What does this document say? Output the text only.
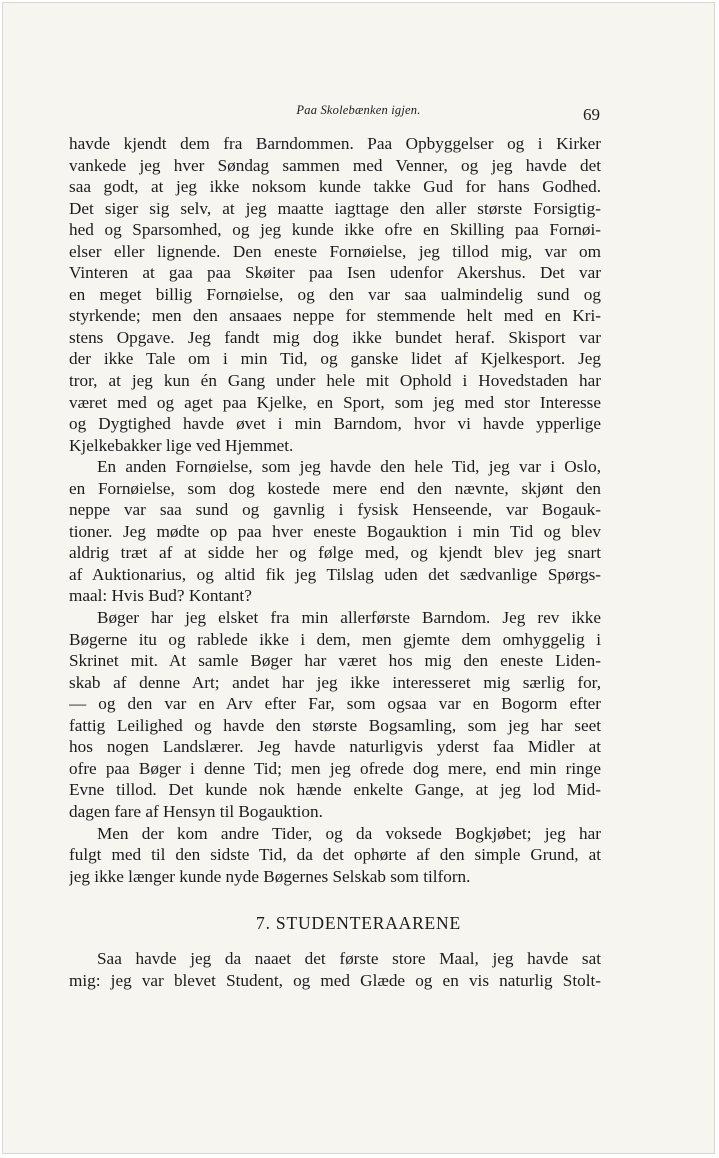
Paa Skolebænken igjen.	69
havde kjendt dem fra Barndommen. Paa Opbyggelser og i Kirker
vankede jeg hver Søndag sammen med Venner, og jeg havde det
saa godt, at jeg ikke noksom kunde takke Gud for hans Godhed.
Det siger sig selv, at jeg maatte iagttage den aller største Forsigtig-
hed og Sparsomhed, og jeg kunde ikke ofre en Skilling paa Fornøi-
elser eller lignende. Den eneste Fornøielse, jeg tillod mig, var om
Vinteren at gaa paa Skøiter paa Isen udenfor Akershus. Det var
en meget billig Fornøielse, og den var saa ualmindelig sund og
styrkende; men den ansaaes neppe for stemmende helt med en Kri-
stens Opgave. Jeg fandt mig dog ikke bundet heraf. Skisport var
der ikke Tale om i min Tid, og ganske lidet af Kjelkesport. Jeg
tror, at jeg kun én Gang under hele mit Ophold i Hovedstaden har
været med og aget paa Kjelke, en Sport, som jeg med stor Interesse
og Dygtighed havde øvet i min Barndom, hvor vi havde ypperlige
Kjelkebakker lige ved Hjemmet.
En anden Fornøielse, som jeg havde den hele Tid, jeg var i Oslo,
en Fornøielse, som dog kostede mere end den nævnte, skjønt den
neppe var saa sund og gavnlig i fysisk Henseende, var Bogauk-
tioner. Jeg mødte op paa hver eneste Bogauktion i min Tid og blev
aldrig træt af at sidde her og følge med, og kjendt blev jeg snart
af Auktionarius, og altid fik jeg Tilslag uden det sædvanlige Spørgs-
maal: Hvis Bud? Kontant?
Bøger har jeg elsket fra min allerførste Barndom. Jeg rev ikke
Bøgerne itu og rablede ikke i dem, men gjemte dem omhyggelig i
Skrinet mit. At samle Bøger har været hos mig den eneste Liden-
skab af denne Art; andet har jeg ikke interesseret mig særlig for,
— og den var en Arv efter Far, som ogsaa var en Bogorm efter
fattig Leilighed og havde den største Bogsamling, som jeg har seet
hos nogen Landslærer. Jeg havde naturligvis yderst faa Midler at
ofre paa Bøger i denne Tid; men jeg ofrede dog mere, end min ringe
Evne tillod. Det kunde nok hænde enkelte Gange, at jeg lod Mid-
dagen fare af Hensyn til Bogauktion.
Men der kom andre Tider, og da voksede Bogkjøbet; jeg har
fulgt med til den sidste Tid, da det ophørte af den simple Grund, at
jeg ikke længer kunde nyde Bøgernes Selskab som tilforn.
7. STUDENTERAARENE
Saa havde jeg da naaet det første store Maal, jeg havde sat
mig: jeg var blevet Student, og med Glæde og en vis naturlig Stolt-
